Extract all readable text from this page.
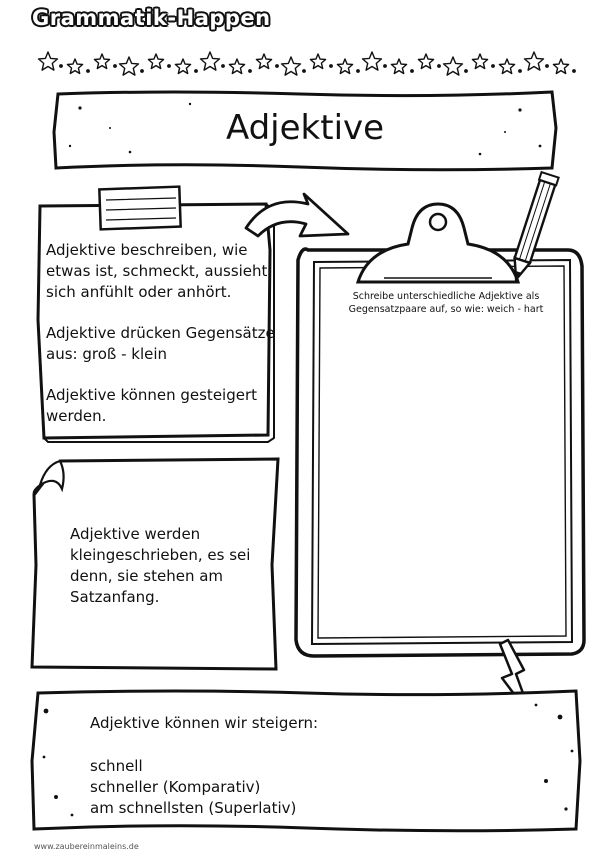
Grammatik-Happen
Adjektive

Adjektive beschreiben, wie etwas ist, schmeckt, aussieht, sich anfühlt oder anhört.

Adjektive drücken Gegensätze aus: groß - klein

Adjektive können gesteigert werden.

Adjektive werden kleingeschrieben, es sei denn, sie stehen am Satzanfang.
Schreibe unterschiedliche Adjektive als Gegensatzpaare auf, so wie: weich - hart
Adjektive können wir steigern:
schnell
schneller (Komparativ)
am schnellsten (Superlativ)
www.zaubereinmaleins.de
